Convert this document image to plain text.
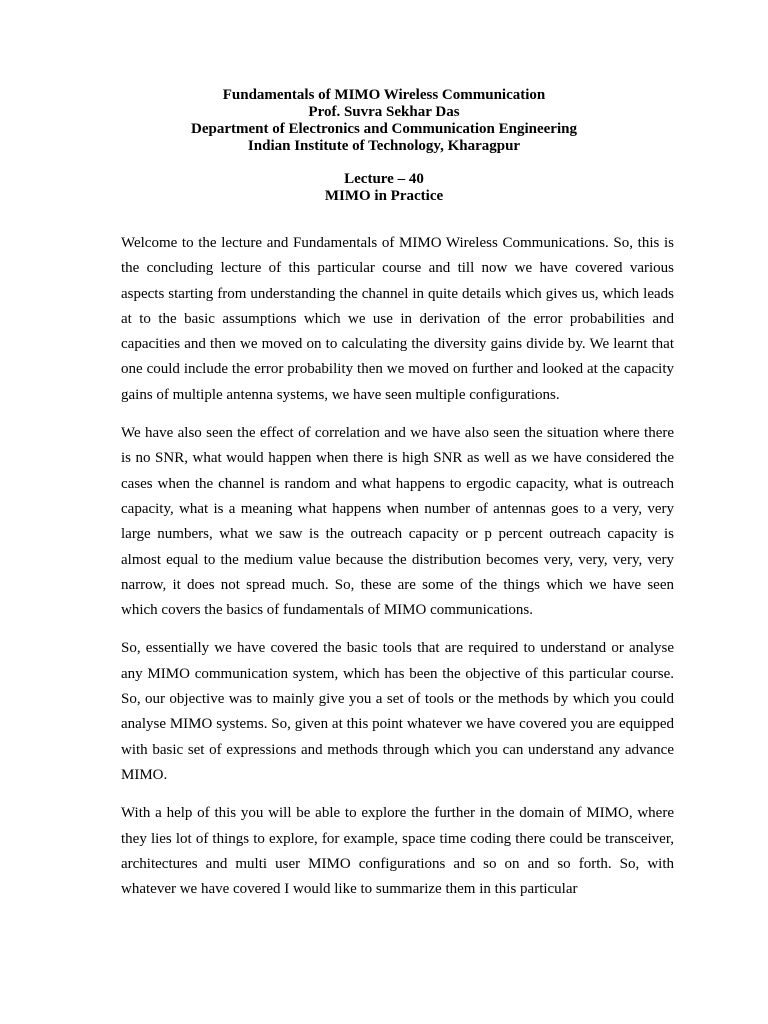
Fundamentals of MIMO Wireless Communication
Prof. Suvra Sekhar Das
Department of Electronics and Communication Engineering
Indian Institute of Technology, Kharagpur
Lecture – 40
MIMO in Practice

Welcome to the lecture and Fundamentals of MIMO Wireless Communications. So, this is the concluding lecture of this particular course and till now we have covered various aspects starting from understanding the channel in quite details which gives us, which leads at to the basic assumptions which we use in derivation of the error probabilities and capacities and then we moved on to calculating the diversity gains divide by. We learnt that one could include the error probability then we moved on further and looked at the capacity gains of multiple antenna systems, we have seen multiple configurations.

We have also seen the effect of correlation and we have also seen the situation where there is no SNR, what would happen when there is high SNR as well as we have considered the cases when the channel is random and what happens to ergodic capacity, what is outreach capacity, what is a meaning what happens when number of antennas goes to a very, very large numbers, what we saw is the outreach capacity or p percent outreach capacity is almost equal to the medium value because the distribution becomes very, very, very, very narrow, it does not spread much. So, these are some of the things which we have seen which covers the basics of fundamentals of MIMO communications.

So, essentially we have covered the basic tools that are required to understand or analyse any MIMO communication system, which has been the objective of this particular course. So, our objective was to mainly give you a set of tools or the methods by which you could analyse MIMO systems. So, given at this point whatever we have covered you are equipped with basic set of expressions and methods through which you can understand any advance MIMO.

With a help of this you will be able to explore the further in the domain of MIMO, where they lies lot of things to explore, for example, space time coding there could be transceiver, architectures and multi user MIMO configurations and so on and so forth. So, with whatever we have covered I would like to summarize them in this particular
